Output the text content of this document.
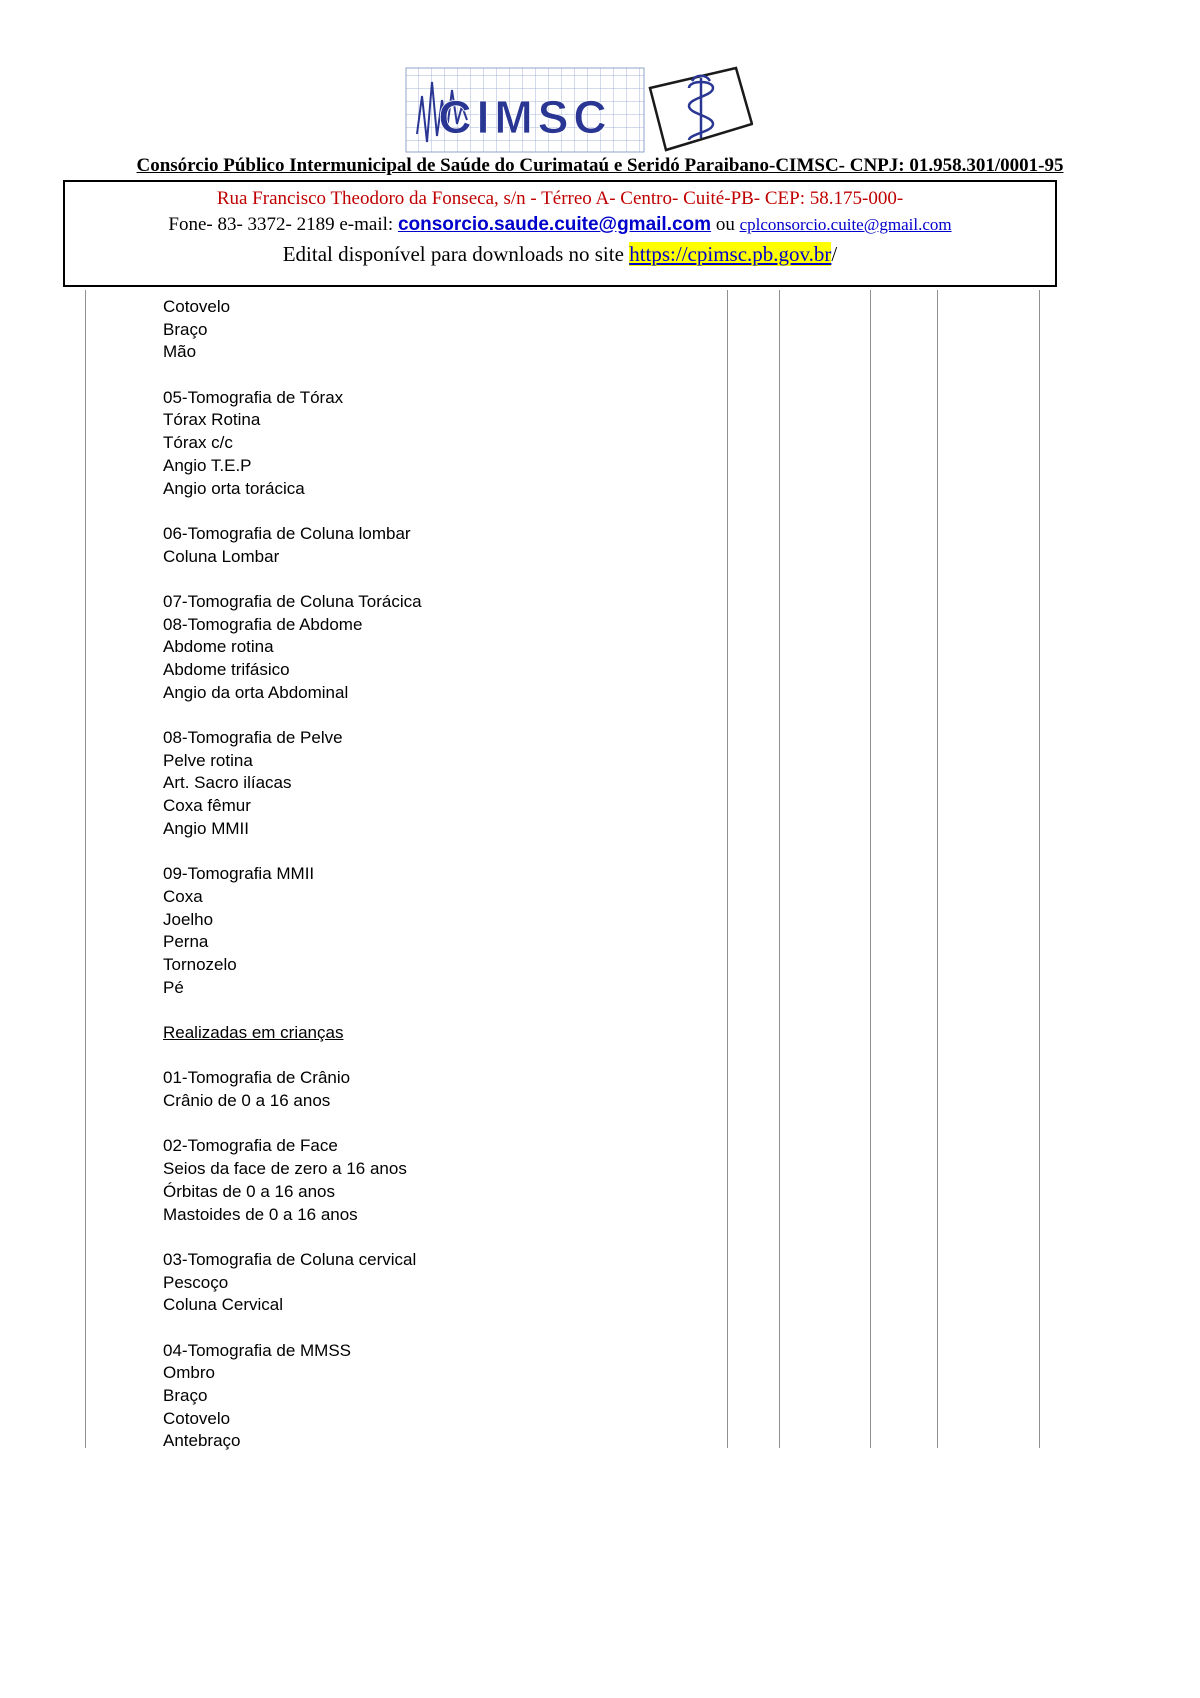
CIMSC
Consórcio Público Intermunicipal de Saúde do Curimataú e Seridó Paraibano-CIMSC- CNPJ: 01.958.301/0001-95
Rua Francisco Theodoro da Fonseca, s/n - Térreo A- Centro- Cuité-PB- CEP: 58.175-000-
Fone- 83- 3372- 2189 e-mail: consorcio.saude.cuite@gmail.com ou cplconsorcio.cuite@gmail.com
Edital disponível para downloads no site https://cpimsc.pb.gov.br/
Cotovelo
Braço
Mão

05-Tomografia de Tórax
Tórax Rotina
Tórax c/c
Angio T.E.P
Angio orta torácica

06-Tomografia de Coluna lombar
Coluna Lombar

07-Tomografia de Coluna Torácica
08-Tomografia de Abdome
Abdome rotina
Abdome trifásico
Angio da orta Abdominal

08-Tomografia de Pelve
Pelve rotina
Art. Sacro ilíacas
Coxa fêmur
Angio MMII

09-Tomografia MMII
Coxa
Joelho
Perna
Tornozelo
Pé

Realizadas em crianças

01-Tomografia de Crânio
Crânio de 0 a 16 anos

02-Tomografia de Face
Seios da face de zero a 16 anos
Órbitas de 0 a 16 anos
Mastoides de 0 a 16 anos

03-Tomografia de Coluna cervical
Pescoço
Coluna Cervical

04-Tomografia de MMSS
Ombro
Braço
Cotovelo
Antebraço
